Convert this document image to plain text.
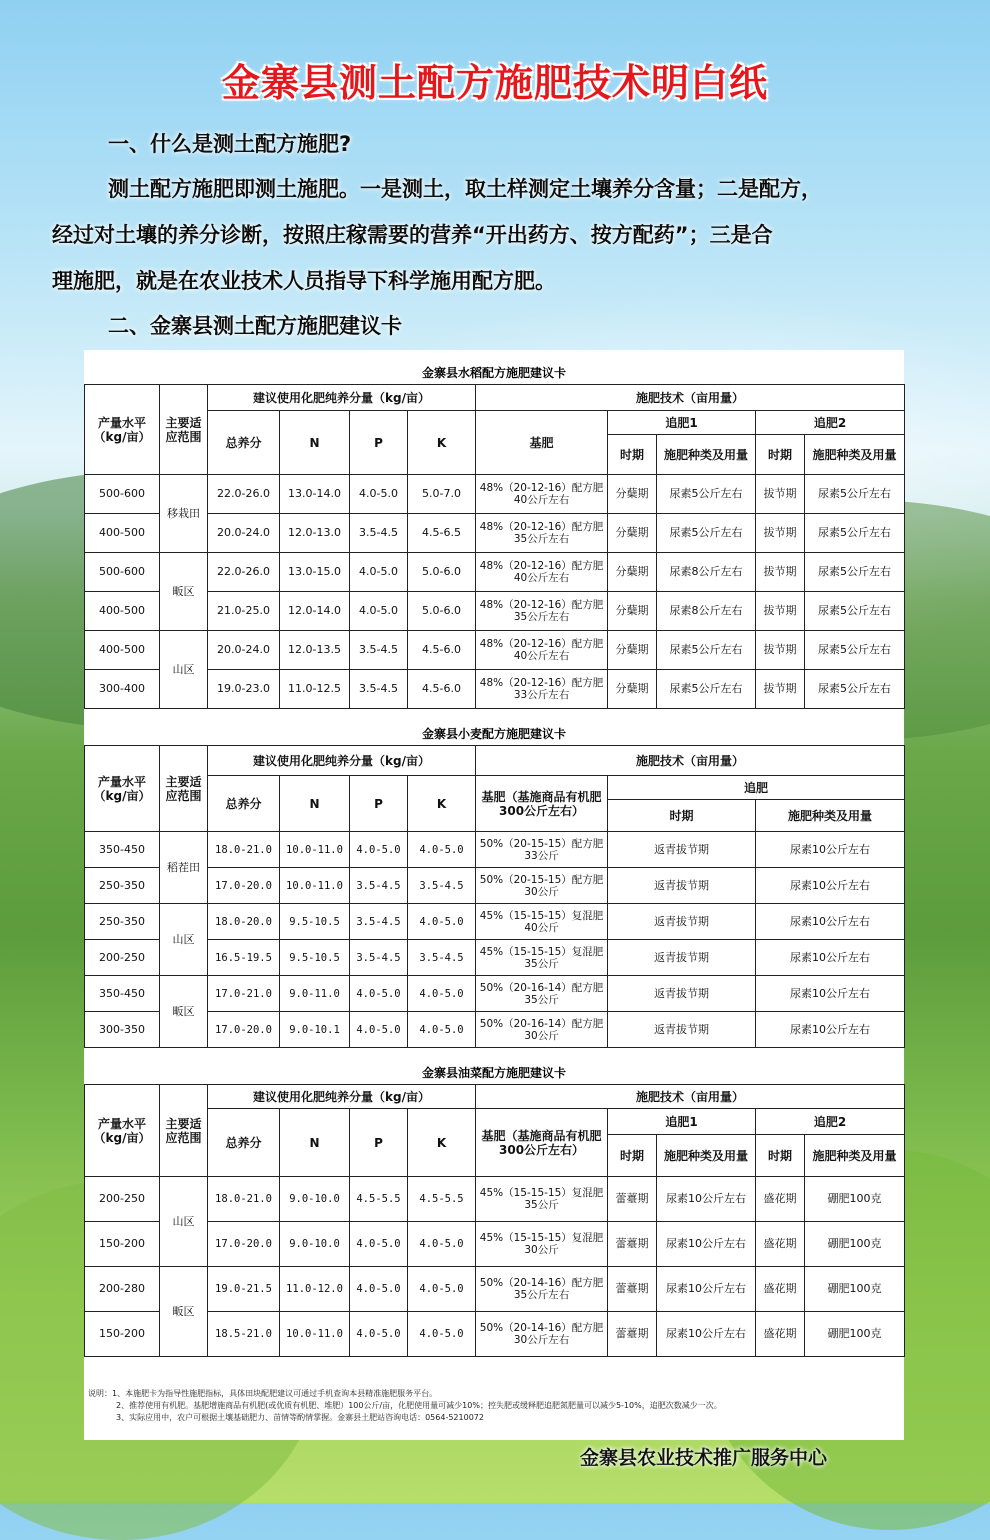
金寨县测土配方施肥技术明白纸
一、什么是测土配方施肥?
测土配方施肥即测土施肥。一是测土，取土样测定土壤养分含量；二是配方，
经过对土壤的养分诊断，按照庄稼需要的营养“开出药方、按方配药”；三是合
理施肥，就是在农业技术人员指导下科学施用配方肥。
二、金寨县测土配方施肥建议卡
金寨县水稻配方施肥建议卡
产量水平（kg/亩）	主要适应范围	建议使用化肥纯养分量（kg/亩）				施肥技术（亩用量）				
		总养分	N	P	K	基肥	追肥1		追肥2	
							时期	施肥种类及用量	时期	施肥种类及用量
500-600	移栽田	22.0-26.0	13.0-14.0	4.0-5.0	5.0-7.0	48%（20-12-16）配方肥40公斤左右	分蘖期	尿素5公斤左右	拔节期	尿素5公斤左右
400-500		20.0-24.0	12.0-13.0	3.5-4.5	4.5-6.5	48%（20-12-16）配方肥35公斤左右	分蘖期	尿素5公斤左右	拔节期	尿素5公斤左右
500-600	畈区	22.0-26.0	13.0-15.0	4.0-5.0	5.0-6.0	48%（20-12-16）配方肥40公斤左右	分蘖期	尿素8公斤左右	拔节期	尿素5公斤左右
400-500		21.0-25.0	12.0-14.0	4.0-5.0	5.0-6.0	48%（20-12-16）配方肥35公斤左右	分蘖期	尿素8公斤左右	拔节期	尿素5公斤左右
400-500	山区	20.0-24.0	12.0-13.5	3.5-4.5	4.5-6.0	48%（20-12-16）配方肥40公斤左右	分蘖期	尿素5公斤左右	拔节期	尿素5公斤左右
300-400		19.0-23.0	11.0-12.5	3.5-4.5	4.5-6.0	48%（20-12-16）配方肥33公斤左右	分蘖期	尿素5公斤左右	拔节期	尿素5公斤左右
金寨县小麦配方施肥建议卡
产量水平（kg/亩）	主要适应范围	建议使用化肥纯养分量（kg/亩）				施肥技术（亩用量）		
		总养分	N	P	K	基肥（基施商品有机肥300公斤左右）	追肥	
							时期	施肥种类及用量
350-450	稻茬田	18.0-21.0	10.0-11.0	4.0-5.0	4.0-5.0	50%（20-15-15）配方肥33公斤	返青拔节期	尿素10公斤左右
250-350		17.0-20.0	10.0-11.0	3.5-4.5	3.5-4.5	50%（20-15-15）配方肥30公斤	返青拔节期	尿素10公斤左右
250-350	山区	18.0-20.0	9.5-10.5	3.5-4.5	4.0-5.0	45%（15-15-15）复混肥40公斤	返青拔节期	尿素10公斤左右
200-250		16.5-19.5	9.5-10.5	3.5-4.5	3.5-4.5	45%（15-15-15）复混肥35公斤	返青拔节期	尿素10公斤左右
350-450	畈区	17.0-21.0	9.0-11.0	4.0-5.0	4.0-5.0	50%（20-16-14）配方肥35公斤	返青拔节期	尿素10公斤左右
300-350		17.0-20.0	9.0-10.1	4.0-5.0	4.0-5.0	50%（20-16-14）配方肥30公斤	返青拔节期	尿素10公斤左右
金寨县油菜配方施肥建议卡
产量水平（kg/亩）	主要适应范围	建议使用化肥纯养分量（kg/亩）				施肥技术（亩用量）				
		总养分	N	P	K	基肥（基施商品有机肥300公斤左右）	追肥1		追肥2	
							时期	施肥种类及用量	时期	施肥种类及用量
200-250	山区	18.0-21.0	9.0-10.0	4.5-5.5	4.5-5.5	45%（15-15-15）复混肥35公斤	蕾薹期	尿素10公斤左右	盛花期	硼肥100克
150-200		17.0-20.0	9.0-10.0	4.0-5.0	4.0-5.0	45%（15-15-15）复混肥30公斤	蕾薹期	尿素10公斤左右	盛花期	硼肥100克
200-280	畈区	19.0-21.5	11.0-12.0	4.0-5.0	4.0-5.0	50%（20-14-16）配方肥35公斤左右	蕾薹期	尿素10公斤左右	盛花期	硼肥100克
150-200		18.5-21.0	10.0-11.0	4.0-5.0	4.0-5.0	50%（20-14-16）配方肥30公斤左右	蕾薹期	尿素10公斤左右	盛花期	硼肥100克
说明：1、本施肥卡为指导性施肥指标，具体田块配肥建议可通过手机查询本县精准施肥服务平台。
2、推荐使用有机肥。基肥增施商品有机肥(或优质有机肥、堆肥）100公斤/亩，化肥使用量可减少10%；控失肥或缓释肥追肥氮肥量可以减少5-10%，追肥次数减少一次。
3、实际应用中，农户可根据土壤基础肥力、苗情等酌情掌握。金寨县土肥站咨询电话：0564-5210072
金寨县农业技术推广服务中心
